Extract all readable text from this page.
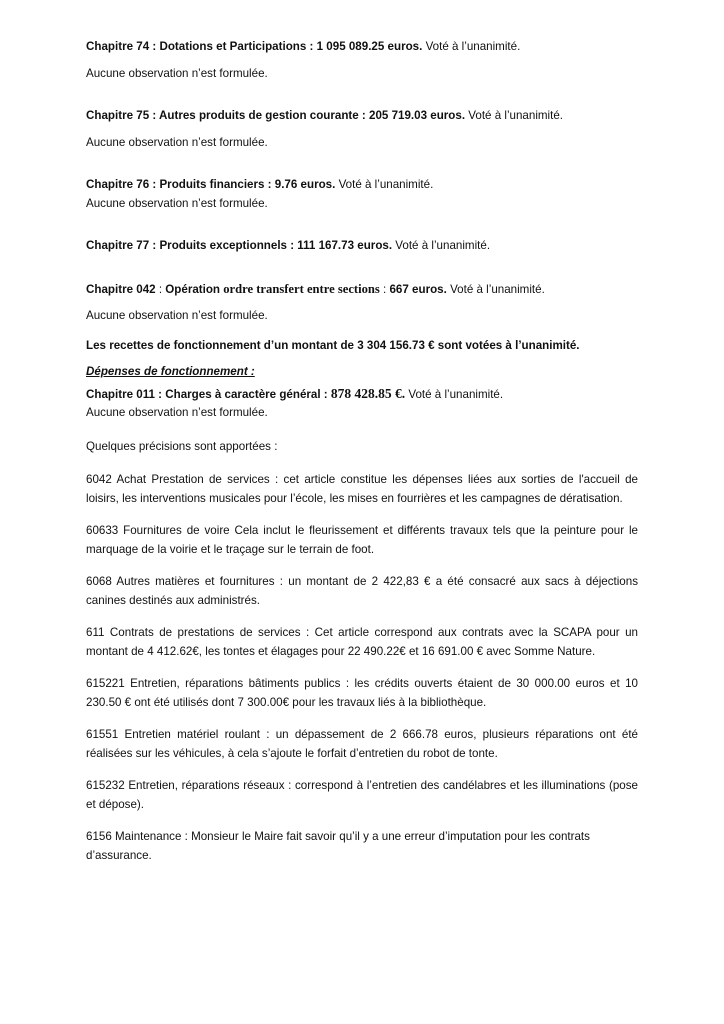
Chapitre 74 : Dotations et Participations : 1 095 089.25 euros. Voté à l’unanimité.

Aucune observation n’est formulée.

Chapitre 75 : Autres produits de gestion courante : 205 719.03 euros. Voté à l’unanimité.

Aucune observation n’est formulée.

Chapitre 76 : Produits financiers : 9.76 euros. Voté à l’unanimité.

Aucune observation n’est formulée.

Chapitre 77 : Produits exceptionnels : 111 167.73 euros. Voté à l’unanimité.

Chapitre 042 : Opération ordre transfert entre sections : 667 euros. Voté à l’unanimité.

Aucune observation n’est formulée.

Les recettes de fonctionnement d’un montant de 3 304 156.73 € sont votées à l’unanimité.

Dépenses de fonctionnement :

Chapitre 011 : Charges à caractère général : 878 428.85 €. Voté à l’unanimité.

Aucune observation n’est formulée.

Quelques précisions sont apportées :

6042 Achat Prestation de services : cet article constitue les dépenses liées aux sorties de l'accueil de loisirs, les interventions musicales pour l’école, les mises en fourrières et les campagnes de dératisation.

60633 Fournitures de voire Cela inclut le fleurissement et différents travaux tels que la peinture pour le marquage de la voirie et le traçage sur le terrain de foot.

6068 Autres matières et fournitures : un montant de 2 422,83 € a été consacré aux sacs à déjections canines destinés aux administrés.

611 Contrats de prestations de services : Cet article correspond aux contrats avec la SCAPA pour un montant de 4 412.62€, les tontes et élagages pour 22 490.22€ et 16 691.00 € avec Somme Nature.

615221 Entretien, réparations bâtiments publics : les crédits ouverts étaient de 30 000.00 euros et 10 230.50 € ont été utilisés dont 7 300.00€ pour les travaux liés à la bibliothèque.

61551 Entretien matériel roulant : un dépassement de 2 666.78 euros, plusieurs réparations ont été réalisées sur les véhicules, à cela s’ajoute le forfait d’entretien du robot de tonte.

615232 Entretien, réparations réseaux : correspond à l’entretien des candélabres et les illuminations (pose et dépose).

6156 Maintenance : Monsieur le Maire fait savoir qu’il y a une erreur d’imputation pour les contrats d’assurance.
